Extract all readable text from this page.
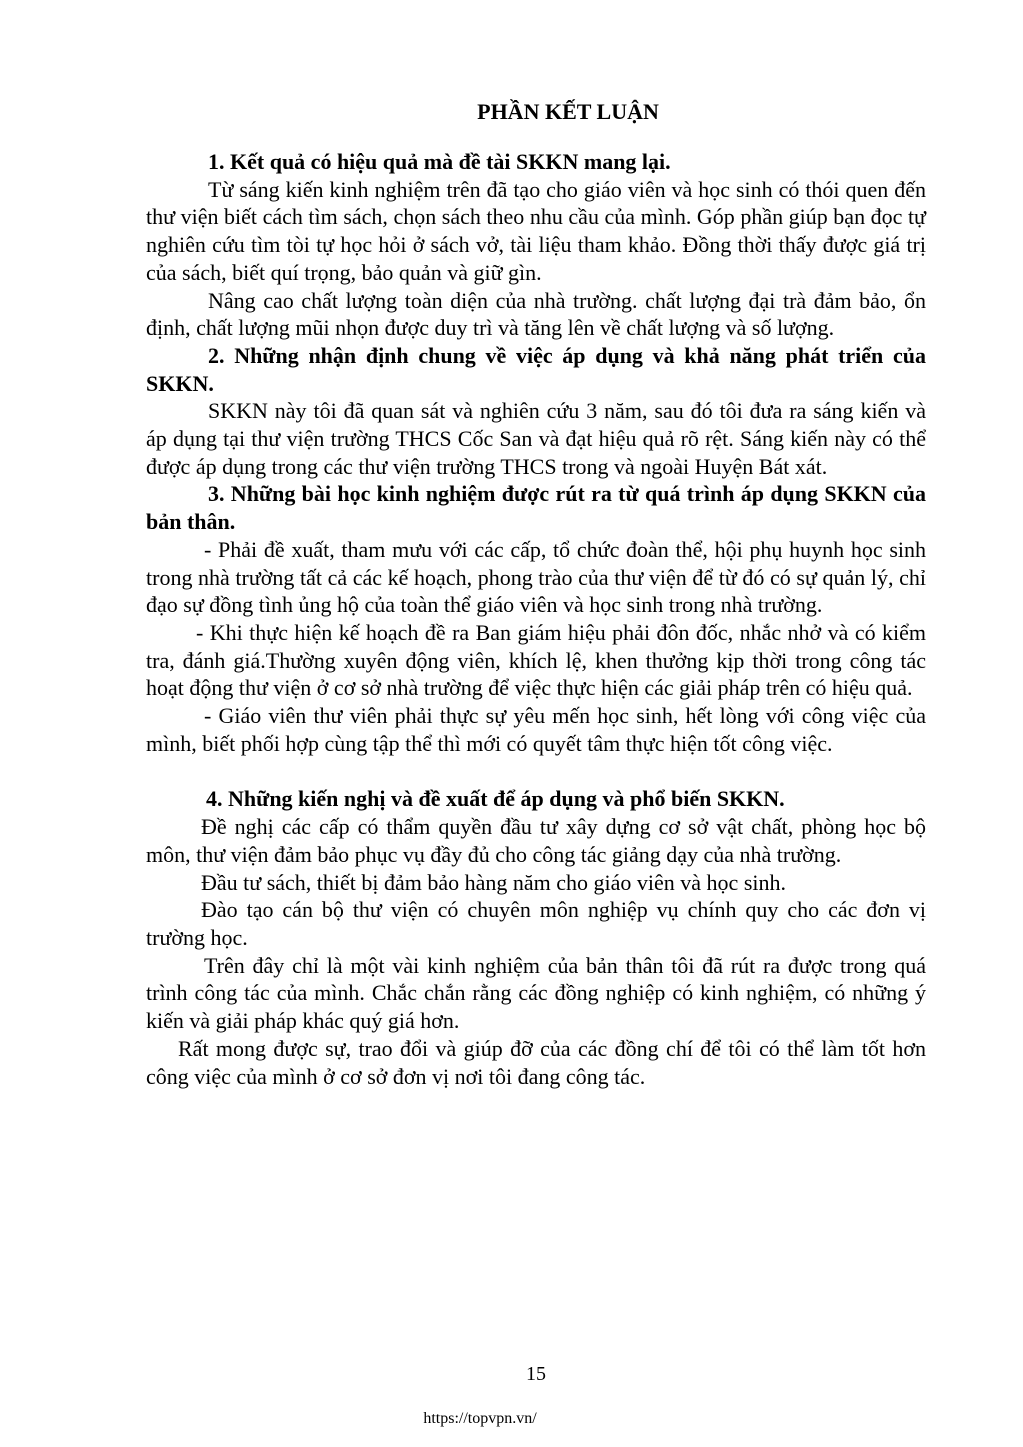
PHẦN KẾT LUẬN

1. Kết quả có hiệu quả mà đề tài SKKN mang lại.

Từ sáng kiến kinh nghiệm trên đã tạo cho giáo viên và học sinh có thói quen đến thư viện biết cách tìm sách, chọn sách theo nhu cầu của mình. Góp phần giúp bạn đọc tự nghiên cứu tìm tòi tự học hỏi ở sách vở, tài liệu tham khảo. Đồng thời thấy được giá trị của sách, biết quí trọng, bảo quản và giữ gìn.

Nâng cao chất lượng toàn diện của nhà trường. chất lượng đại trà đảm bảo, ổn định, chất lượng mũi nhọn được duy trì và tăng lên về chất lượng và số lượng.

2. Những nhận định chung về việc áp dụng và khả năng phát triển của SKKN.

SKKN này tôi đã quan sát và nghiên cứu 3 năm, sau đó tôi đưa ra sáng kiến và áp dụng tại thư viện trường THCS Cốc San và đạt hiệu quả rõ rệt. Sáng kiến này có thể được áp dụng trong các thư viện trường THCS trong và ngoài Huyện Bát xát.

3. Những bài học kinh nghiệm được rút ra từ quá trình áp dụng SKKN của bản thân.

- Phải đề xuất, tham mưu với các cấp, tổ chức đoàn thể, hội phụ huynh học sinh trong nhà trường tất cả các kế hoạch, phong trào của thư viện để từ đó có sự quản lý, chỉ đạo sự đồng tình ủng hộ của toàn thể giáo viên và học sinh trong nhà trường.

- Khi thực hiện kế hoạch đề ra Ban giám hiệu phải đôn đốc, nhắc nhở và có kiểm tra, đánh giá.Thường xuyên động viên, khích lệ, khen thưởng kịp thời trong công tác hoạt động thư viện ở cơ sở nhà trường để việc thực hiện các giải pháp trên có hiệu quả.

- Giáo viên thư viên phải thực sự yêu mến học sinh, hết lòng với công việc của mình, biết phối hợp cùng tập thể thì mới có quyết tâm thực hiện tốt công việc.

4. Những kiến nghị và đề xuất để áp dụng và phổ biến SKKN.

Đề nghị các cấp có thẩm quyền đầu tư xây dựng cơ sở vật chất, phòng học bộ môn, thư viện đảm bảo phục vụ đầy đủ cho công tác giảng dạy của nhà trường.

Đầu tư sách, thiết bị đảm bảo hàng năm cho giáo viên và học sinh.

Đào tạo cán bộ thư viện có chuyên môn nghiệp vụ chính quy cho các đơn vị trường học.

Trên đây chỉ là một vài kinh nghiệm của bản thân tôi đã rút ra được trong quá trình công tác của mình. Chắc chắn rằng các đồng nghiệp có kinh nghiệm, có những ý kiến và giải pháp khác quý giá hơn.

Rất mong được sự, trao đổi và giúp đỡ của các đồng chí để tôi có thể làm tốt hơn công việc của mình ở cơ sở đơn vị nơi tôi đang công tác.

15
https://topvpn.vn/
